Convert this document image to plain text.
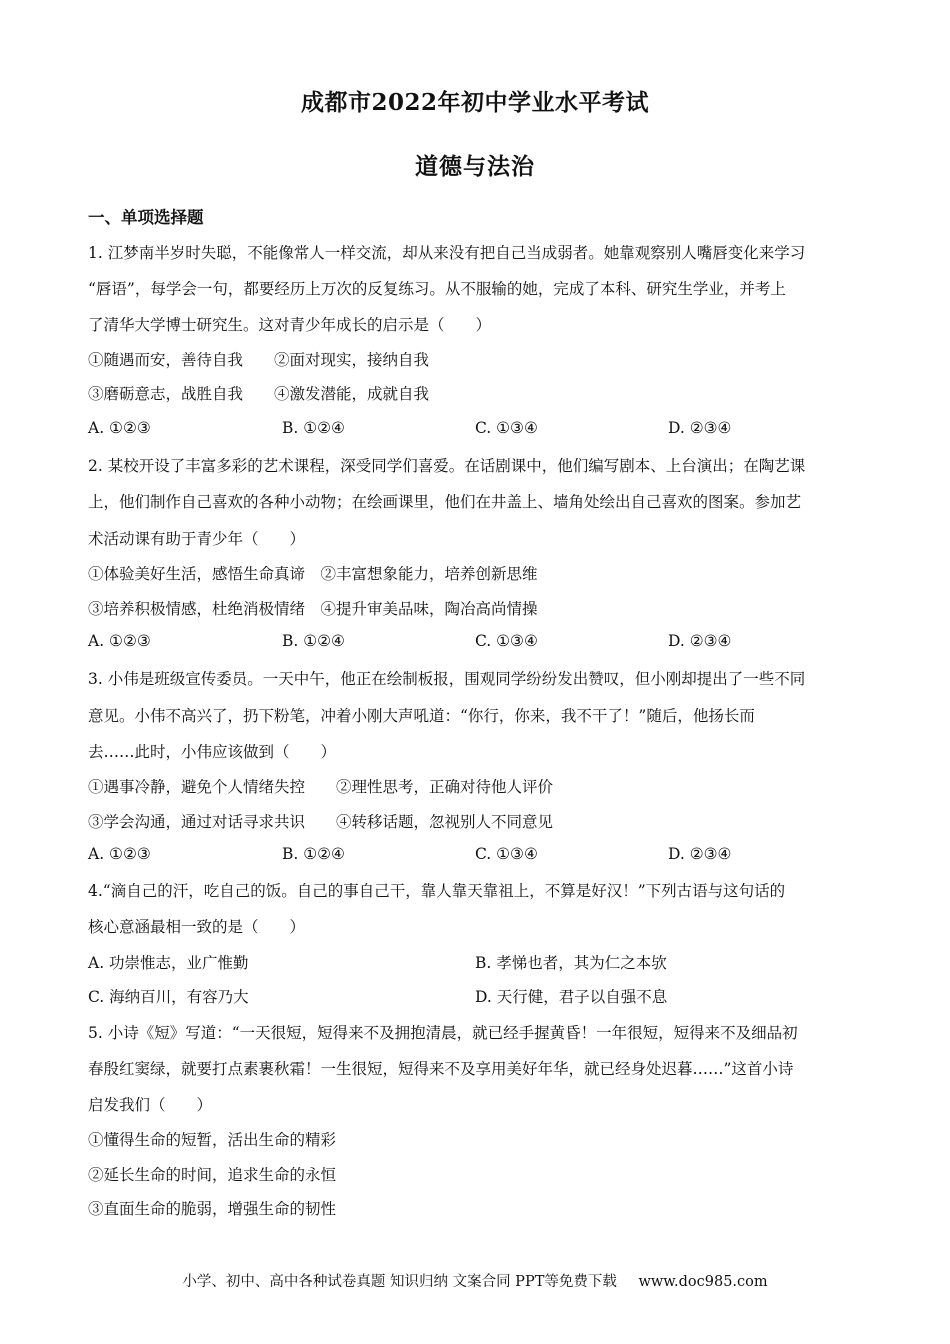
成都市2022年初中学业水平考试
道德与法治
一、单项选择题
1. 江梦南半岁时失聪，不能像常人一样交流，却从来没有把自己当成弱者。她靠观察别人嘴唇变化来学习
“唇语”，每学会一句，都要经历上万次的反复练习。从不服输的她，完成了本科、研究生学业，并考上
了清华大学博士研究生。这对青少年成长的启示是（　　）
①随遇而安，善待自我　　②面对现实，接纳自我
③磨砺意志，战胜自我　　④激发潜能，成就自我
A. ①②③	B. ①②④	C. ①③④	D. ②③④
2. 某校开设了丰富多彩的艺术课程，深受同学们喜爱。在话剧课中，他们编写剧本、上台演出；在陶艺课
上，他们制作自己喜欢的各种小动物；在绘画课里，他们在井盖上、墙角处绘出自己喜欢的图案。参加艺
术活动课有助于青少年（　　）
①体验美好生活，感悟生命真谛　②丰富想象能力，培养创新思维
③培养积极情感，杜绝消极情绪　④提升审美品味，陶冶高尚情操
A. ①②③	B. ①②④	C. ①③④	D. ②③④
3. 小伟是班级宣传委员。一天中午，他正在绘制板报，围观同学纷纷发出赞叹，但小刚却提出了一些不同
意见。小伟不高兴了，扔下粉笔，冲着小刚大声吼道：“你行，你来，我不干了！”随后，他扬长而
去……此时，小伟应该做到（　　）
①遇事冷静，避免个人情绪失控　　②理性思考，正确对待他人评价
③学会沟通，通过对话寻求共识　　④转移话题，忽视别人不同意见
A. ①②③	B. ①②④	C. ①③④	D. ②③④
4.“滴自己的汗，吃自己的饭。自己的事自己干，靠人靠天靠祖上，不算是好汉！”下列古语与这句话的
核心意涵最相一致的是（　　）
A. 功崇惟志，业广惟勤	B. 孝悌也者，其为仁之本欤
C. 海纳百川，有容乃大	D. 天行健，君子以自强不息
5. 小诗《短》写道：“一天很短，短得来不及拥抱清晨，就已经手握黄昏！一年很短，短得来不及细品初
春殷红窦绿，就要打点素裹秋霜！一生很短，短得来不及享用美好年华，就已经身处迟暮……”这首小诗
启发我们（　　）
①懂得生命的短暂，活出生命的精彩
②延长生命的时间，追求生命的永恒
③直面生命的脆弱，增强生命的韧性
小学、初中、高中各种试卷真题 知识归纳 文案合同 PPT等免费下载 www.doc985.com
